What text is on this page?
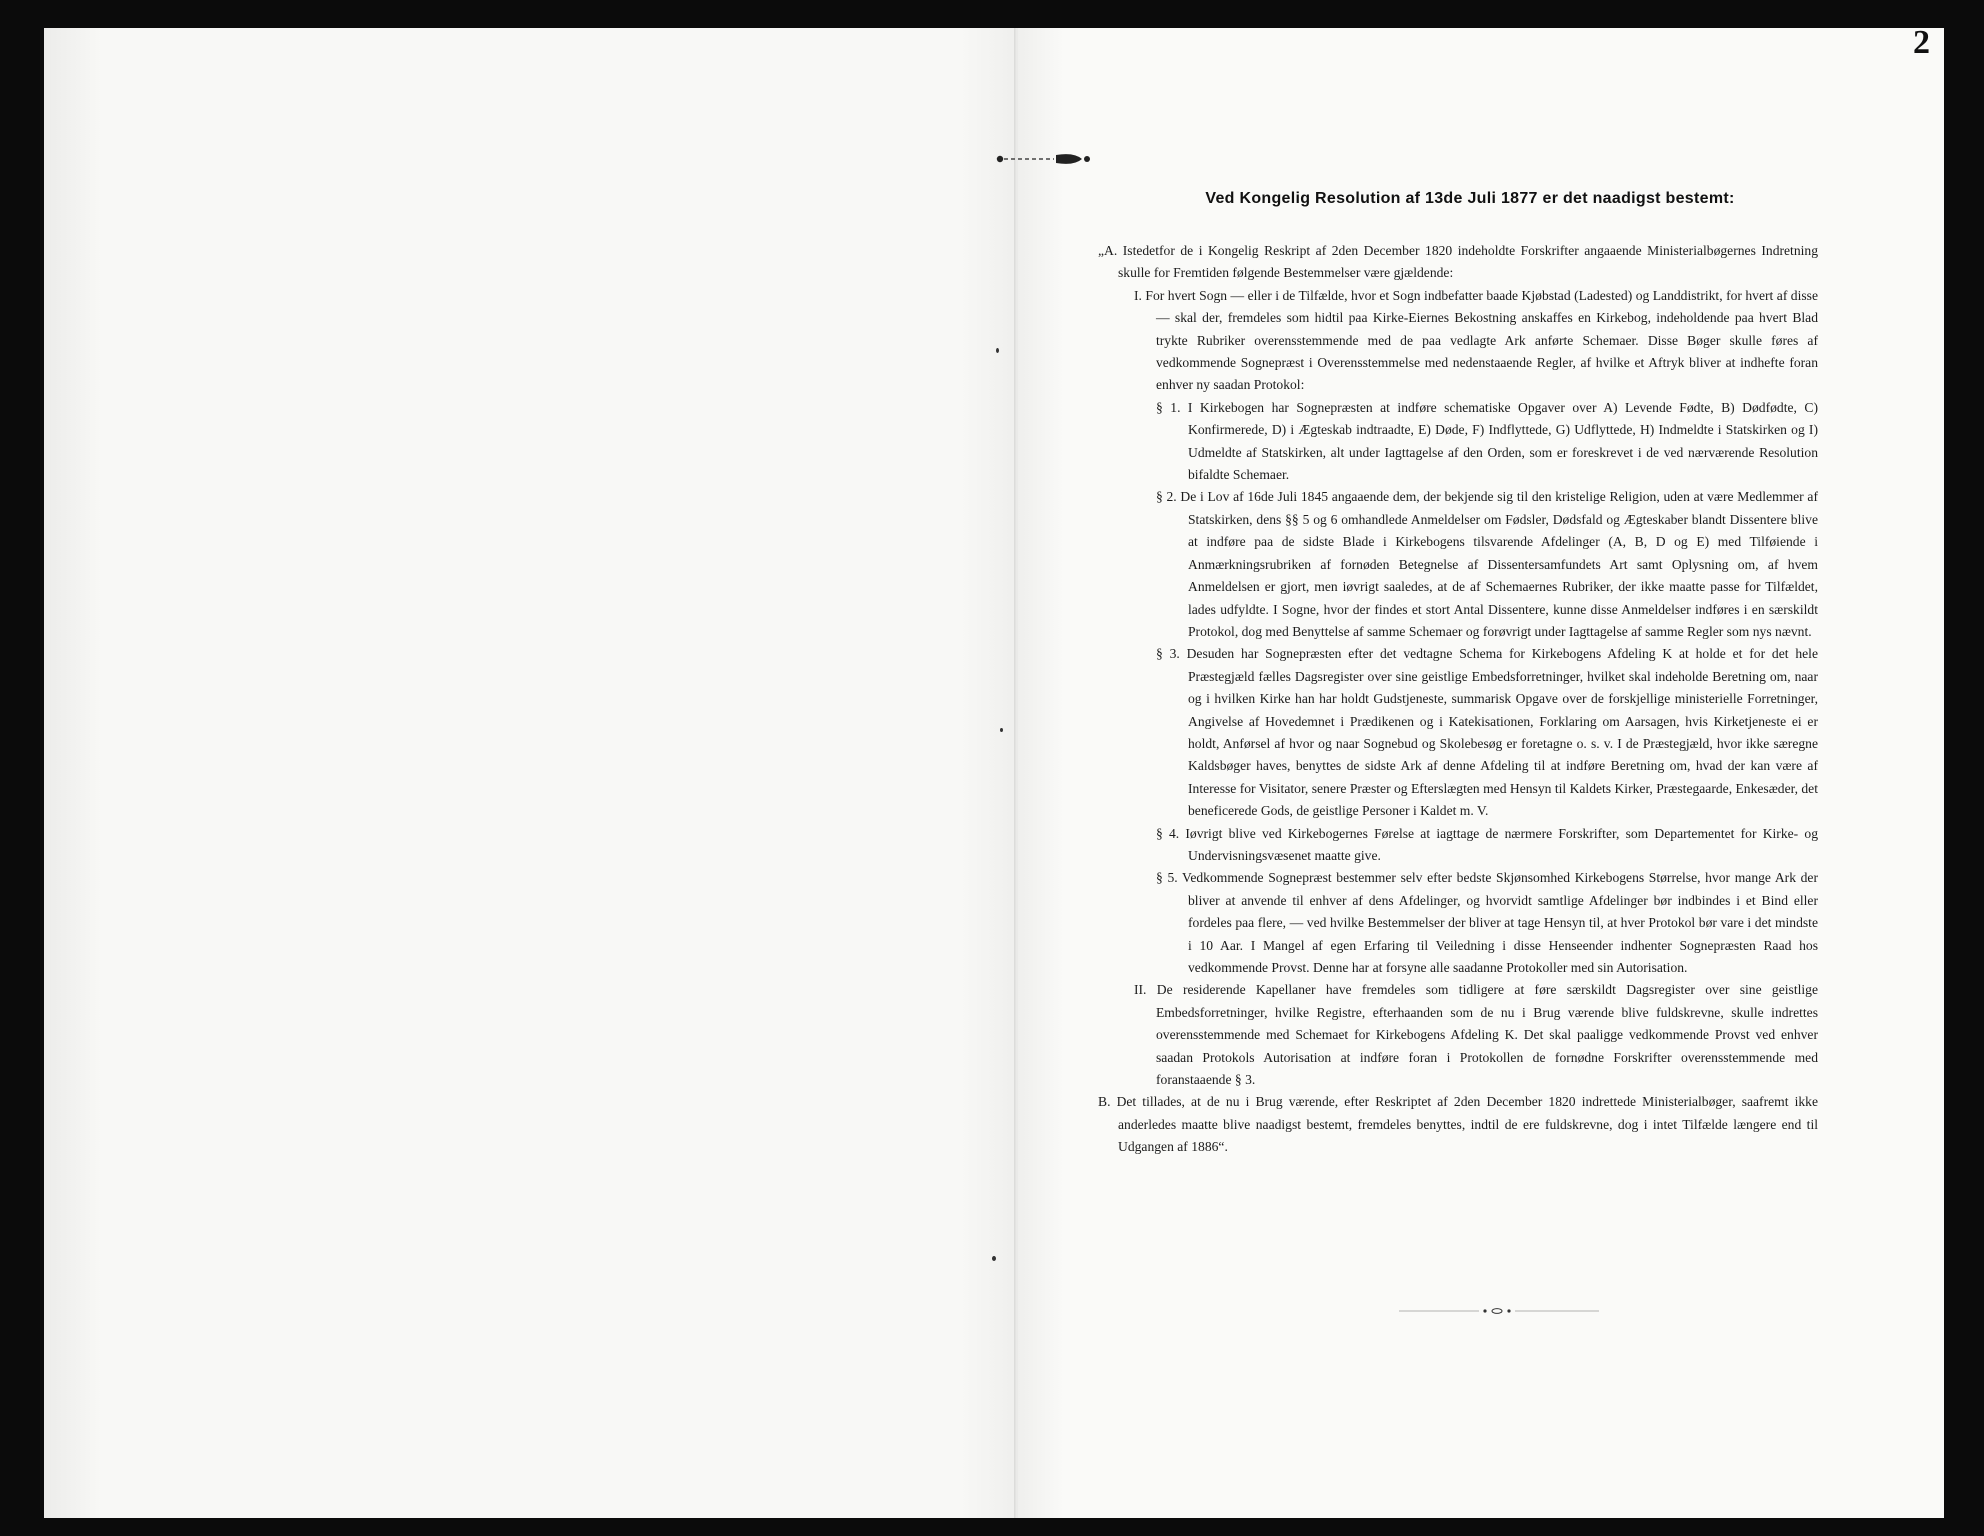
2
Ved Kongelig Resolution af 13de Juli 1877 er det naadigst bestemt:

„A. Istedetfor de i Kongelig Reskript af 2den December 1820 indeholdte Forskrifter angaaende Ministerialbøgernes Indretning skulle for Fremtiden følgende Bestemmelser være gjældende:

I. For hvert Sogn — eller i de Tilfælde, hvor et Sogn indbefatter baade Kjøbstad (Ladested) og Landdistrikt, for hvert af disse — skal der, fremdeles som hidtil paa Kirke-Eiernes Bekostning anskaffes en Kirkebog, indeholdende paa hvert Blad trykte Rubriker overensstemmende med de paa vedlagte Ark anførte Schemaer. Disse Bøger skulle føres af vedkommende Sognepræst i Overensstemmelse med nedenstaaende Regler, af hvilke et Aftryk bliver at indhefte foran enhver ny saadan Protokol:

§ 1. I Kirkebogen har Sognepræsten at indføre schematiske Opgaver over A) Levende Fødte, B) Dødfødte, C) Konfirmerede, D) i Ægteskab indtraadte, E) Døde, F) Indflyttede, G) Udflyttede, H) Indmeldte i Statskirken og I) Udmeldte af Statskirken, alt under Iagttagelse af den Orden, som er foreskrevet i de ved nærværende Resolution bifaldte Schemaer.

§ 2. De i Lov af 16de Juli 1845 angaaende dem, der bekjende sig til den kristelige Religion, uden at være Medlemmer af Statskirken, dens §§ 5 og 6 omhandlede Anmeldelser om Fødsler, Dødsfald og Ægteskaber blandt Dissentere blive at indføre paa de sidste Blade i Kirkebogens tilsvarende Afdelinger (A, B, D og E) med Tilføiende i Anmærkningsrubriken af fornøden Betegnelse af Dissentersamfundets Art samt Oplysning om, af hvem Anmeldelsen er gjort, men iøvrigt saaledes, at de af Schemaernes Rubriker, der ikke maatte passe for Tilfældet, lades udfyldte. I Sogne, hvor der findes et stort Antal Dissentere, kunne disse Anmeldelser indføres i en særskildt Protokol, dog med Benyttelse af samme Schemaer og forøvrigt under Iagttagelse af samme Regler som nys nævnt.

§ 3. Desuden har Sognepræsten efter det vedtagne Schema for Kirkebogens Afdeling K at holde et for det hele Præstegjæld fælles Dagsregister over sine geistlige Embedsforretninger, hvilket skal indeholde Beretning om, naar og i hvilken Kirke han har holdt Gudstjeneste, summarisk Opgave over de forskjellige ministerielle Forretninger, Angivelse af Hovedemnet i Prædikenen og i Katekisationen, Forklaring om Aarsagen, hvis Kirketjeneste ei er holdt, Anførsel af hvor og naar Sognebud og Skolebesøg er foretagne o. s. v. I de Præstegjæld, hvor ikke særegne Kaldsbøger haves, benyttes de sidste Ark af denne Afdeling til at indføre Beretning om, hvad der kan være af Interesse for Visitator, senere Præster og Efterslægten med Hensyn til Kaldets Kirker, Præstegaarde, Enkesæder, det beneficerede Gods, de geistlige Personer i Kaldet m. V.

§ 4. Iøvrigt blive ved Kirkebogernes Førelse at iagttage de nærmere Forskrifter, som Departementet for Kirke- og Undervisningsvæsenet maatte give.

§ 5. Vedkommende Sognepræst bestemmer selv efter bedste Skjønsomhed Kirkebogens Størrelse, hvor mange Ark der bliver at anvende til enhver af dens Afdelinger, og hvorvidt samtlige Afdelinger bør indbindes i et Bind eller fordeles paa flere, — ved hvilke Bestemmelser der bliver at tage Hensyn til, at hver Protokol bør vare i det mindste i 10 Aar. I Mangel af egen Erfaring til Veiledning i disse Henseender indhenter Sognepræsten Raad hos vedkommende Provst. Denne har at forsyne alle saadanne Protokoller med sin Autorisation.

II. De residerende Kapellaner have fremdeles som tidligere at føre særskildt Dagsregister over sine geistlige Embedsforretninger, hvilke Registre, efterhaanden som de nu i Brug værende blive fuldskrevne, skulle indrettes overensstemmende med Schemaet for Kirkebogens Afdeling K. Det skal paaligge vedkommende Provst ved enhver saadan Protokols Autorisation at indføre foran i Protokollen de fornødne Forskrifter overensstemmende med foranstaaende § 3.

B. Det tillades, at de nu i Brug værende, efter Reskriptet af 2den December 1820 indrettede Ministerialbøger, saafremt ikke anderledes maatte blive naadigst bestemt, fremdeles benyttes, indtil de ere fuldskrevne, dog i intet Tilfælde længere end til Udgangen af 1886“.
